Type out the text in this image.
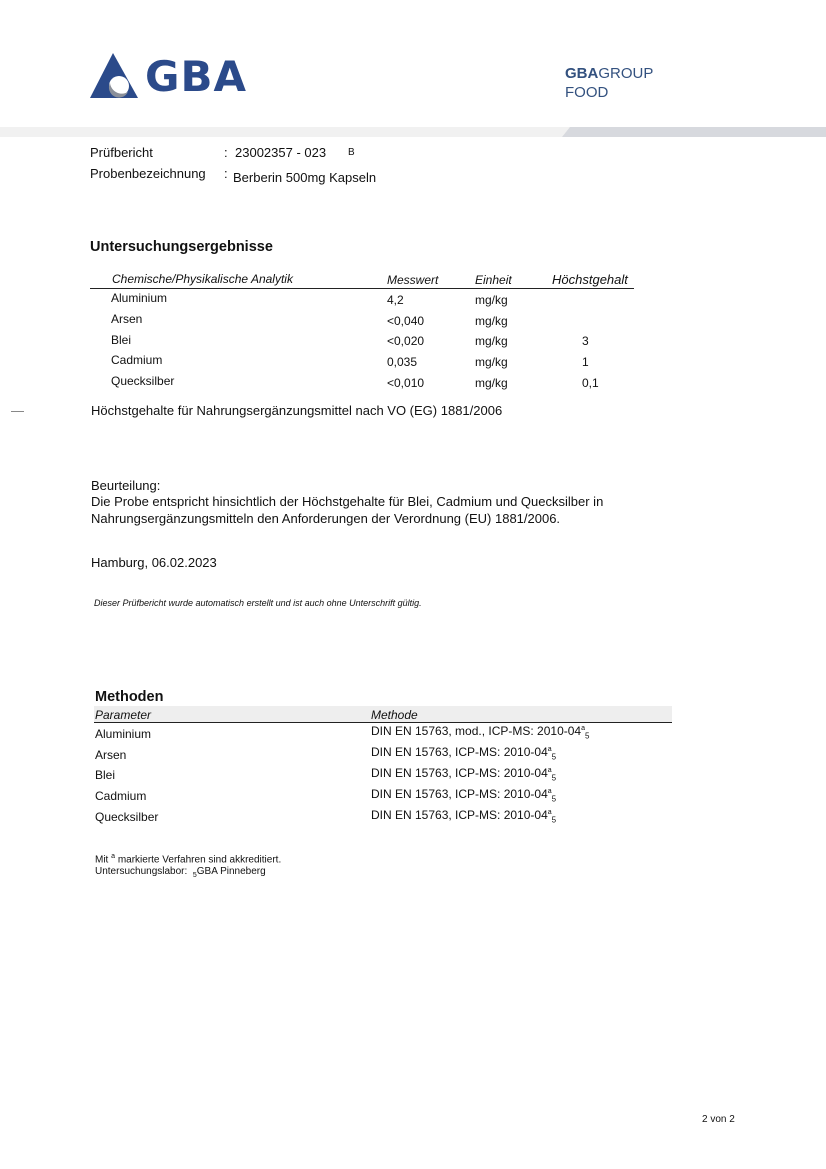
GBA	GBAGROUP
FOOD
Prüfbericht	: 23002357 - 023 B
Probenbezeichnung : Berberin 500mg Kapseln
Untersuchungsergebnisse
Chemische/Physikalische Analytik	Messwert	Einheit	Höchstgehalt
Aluminium	4,2	mg/kg
Arsen	<0,040	mg/kg
Blei	<0,020	mg/kg	3
Cadmium	0,035	mg/kg	1
Quecksilber	<0,010	mg/kg	0,1
Höchstgehalte für Nahrungsergänzungsmittel nach VO (EG) 1881/2006
Beurteilung:
Die Probe entspricht hinsichtlich der Höchstgehalte für Blei, Cadmium und Quecksilber in
Nahrungsergänzungsmitteln den Anforderungen der Verordnung (EU) 1881/2006.
Hamburg, 06.02.2023
Dieser Prüfbericht wurde automatisch erstellt und ist auch ohne Unterschrift gültig.
Methoden
Parameter	Methode
Aluminium	DIN EN 15763, mod., ICP-MS: $2010-04^a_5$
Arsen	DIN EN 15763, ICP-MS: $2010-04^a_5$
Blei	DIN EN 15763, ICP-MS: $2010-04^a_5$
Cadmium	DIN EN 15763, ICP-MS: $2010-04^a_5$
Quecksilber	DIN EN 15763, ICP-MS: $2010-04^a_5$
Mit $^a$ markierte Verfahren sind akkreditiert.
Untersuchungslabor: $_5$GBA Pinneberg
2 von 2
